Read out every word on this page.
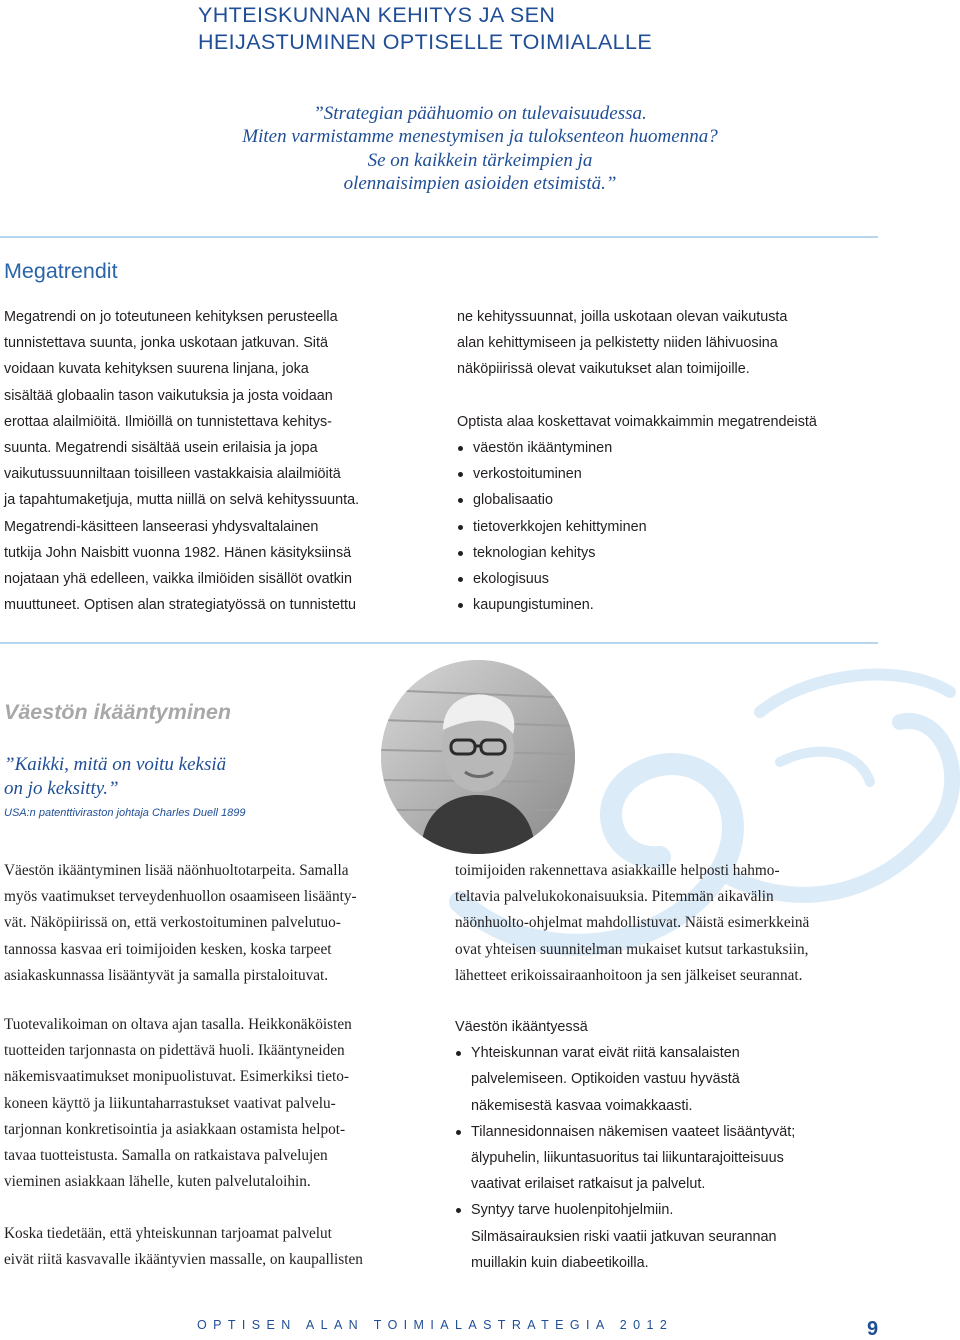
YHTEISKUNNAN KEHITYS JA SEN
HEIJASTUMINEN OPTISELLE TOIMIALALLE
”Strategian päähuomio on tulevaisuudessa.
Miten varmistamme menestymisen ja tuloksenteon huomenna?
Se on kaikkein tärkeimpien ja
olennaisimpien asioiden etsimistä.”
Megatrendit
Megatrendi on jo toteutuneen kehityksen perusteella
tunnistettava suunta, jonka uskotaan jatkuvan. Sitä
voidaan kuvata kehityksen suurena linjana, joka
sisältää globaalin tason vaikutuksia ja josta voidaan
erottaa alailmiöitä. Ilmiöillä on tunnistettava kehitys-
suunta. Megatrendi sisältää usein erilaisia ja jopa
vaikutussuunniltaan toisilleen vastakkaisia alailmiöitä
ja tapahtumaketjuja, mutta niillä on selvä kehityssuunta.
Megatrendi-käsitteen lanseerasi yhdysvaltalainen
tutkija John Naisbitt vuonna 1982. Hänen käsityksiinsä
nojataan yhä edelleen, vaikka ilmiöiden sisällöt ovatkin
muuttuneet. Optisen alan strategiatyössä on tunnistettu
ne kehityssuunnat, joilla uskotaan olevan vaikutusta
alan kehittymiseen ja pelkistetty niiden lähivuosina
näköpiirissä olevat vaikutukset alan toimijoille.
Optista alaa koskettavat voimakkaimmin megatrendeistä
väestön ikääntyminen
verkostoituminen
globalisaatio
tietoverkkojen kehittyminen
teknologian kehitys
ekologisuus
kaupungistuminen.
Väestön ikääntyminen
”Kaikki, mitä on voitu keksiä
on jo keksitty.”
USA:n patenttiviraston johtaja Charles Duell 1899
Väestön ikääntyminen lisää näönhuoltotarpeita. Samalla
myös vaatimukset terveydenhuollon osaamiseen lisäänty-
vät. Näköpiirissä on, että verkostoituminen palvelutuo-
tannossa kasvaa eri toimijoiden kesken, koska tarpeet
asiakaskunnassa lisääntyvät ja samalla pirstaloituvat.
toimijoiden rakennettava asiakkaille helposti hahmo-
teltavia palvelukokonaisuuksia. Pitemmän aikavälin
näönhuolto-ohjelmat mahdollistuvat. Näistä esimerkkeinä
ovat yhteisen suunnitelman mukaiset kutsut tarkastuksiin,
lähetteet erikoissairaanhoitoon ja sen jälkeiset seurannat.
Tuotevalikoiman on oltava ajan tasalla. Heikkonäköisten
tuotteiden tarjonnasta on pidettävä huoli. Ikääntyneiden
näkemisvaatimukset monipuolistuvat. Esimerkiksi tieto-
koneen käyttö ja liikuntaharrastukset vaativat palvelu-
tarjonnan konkretisointia ja asiakkaan ostamista helpot-
tavaa tuotteistusta. Samalla on ratkaistava palvelujen
vieminen asiakkaan lähelle, kuten palvelutaloihin.
Koska tiedetään, että yhteiskunnan tarjoamat palvelut
eivät riitä kasvavalle ikääntyvien massalle, on kaupallisten
Väestön ikääntyessä
Yhteiskunnan varat eivät riitä kansalaisten
palvelemiseen. Optikoiden vastuu hyvästä
näkemisestä kasvaa voimakkaasti.
Tilannesidonnaisen näkemisen vaateet lisääntyvät;
älypuhelin, liikuntasuoritus tai liikuntarajoitteisuus
vaativat erilaiset ratkaisut ja palvelut.
Syntyy tarve huolenpitohjelmiin.
Silmäsairauksien riski vaatii jatkuvan seurannan
muillakin kuin diabeetikoilla.
OPTISEN ALAN TOIMIALASTRATEGIA 2012	9
